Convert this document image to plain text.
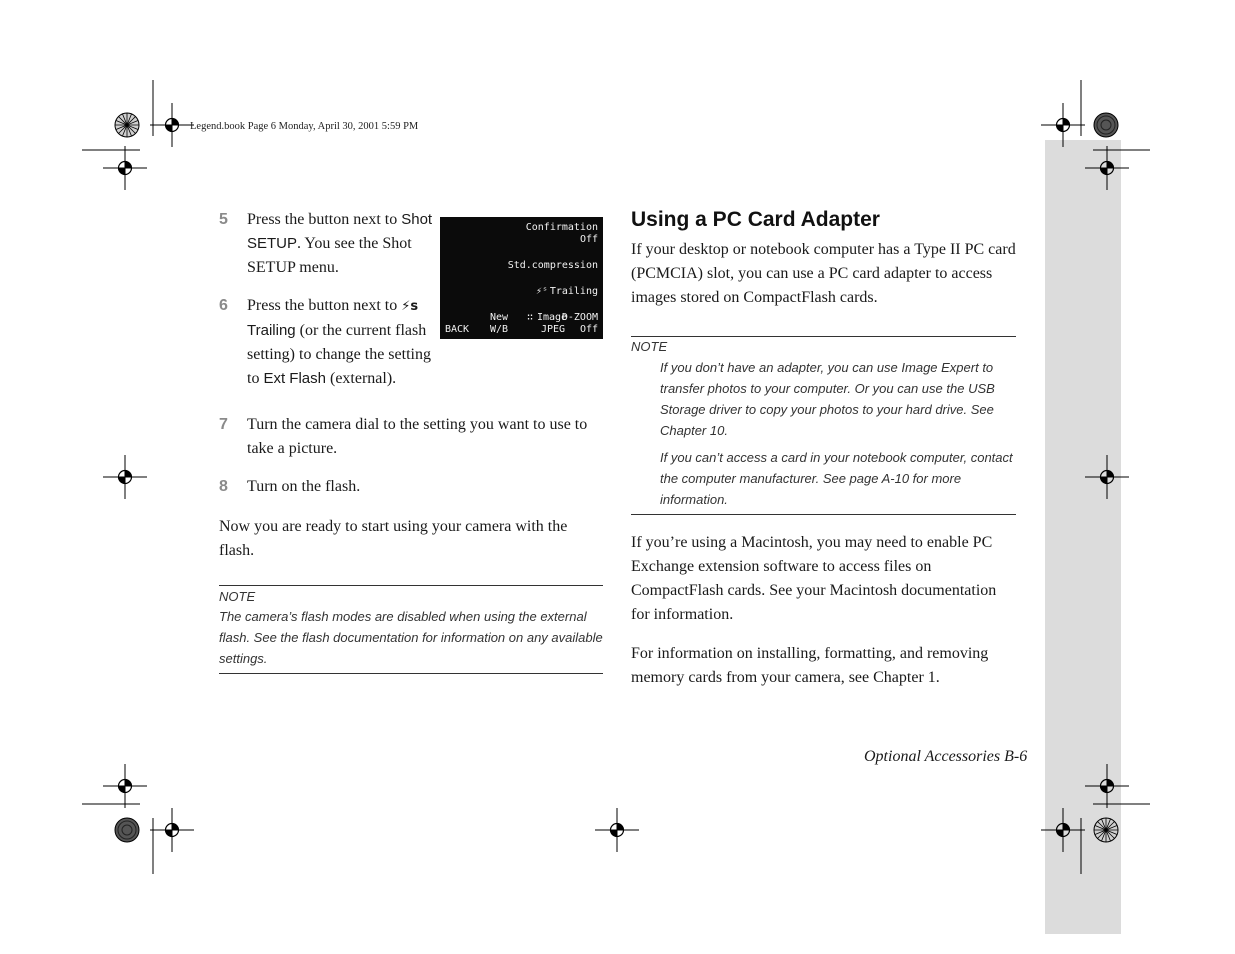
Legend.book Page 6 Monday, April 30, 2001 5:59 PM
5 Press the button next to Shot SETUP. You see the Shot SETUP menu.
6 Press the button next to ⚡s Trailing (or the current flash setting) to change the setting to Ext Flash (external).
7 Turn the camera dial to the setting you want to use to take a picture.
8 Turn on the flash.

Now you are ready to start using your camera with the flash.

NOTE

The camera’s flash modes are disabled when using the external flash. See the flash documentation for information on any available settings.

Confirmation
Off
Std.compression
⚡ˢ Trailing
New ∷ Image
D-ZOOM
BACK W/B	JPEG Off
Using a PC Card Adapter

If your desktop or notebook computer has a Type II PC card (PCMCIA) slot, you can use a PC card adapter to access images stored on CompactFlash cards.

NOTE

If you don’t have an adapter, you can use Image Expert to transfer photos to your computer. Or you can use the USB Storage driver to copy your photos to your hard drive. See Chapter 10.

If you can’t access a card in your notebook computer, contact the computer manufacturer. See page A-10 for more information.

If you’re using a Macintosh, you may need to enable PC Exchange extension software to access files on CompactFlash cards. See your Macintosh documentation for information.

For information on installing, formatting, and removing memory cards from your camera, see Chapter 1.

Optional Accessories B-6
